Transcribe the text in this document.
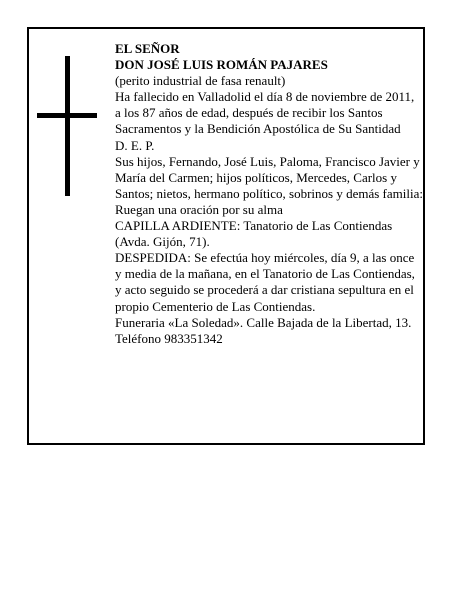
EL SEÑOR

DON JOSÉ LUIS ROMÁN PAJARES

(perito industrial de fasa renault)

Ha fallecido en Valladolid el día 8 de noviembre de 2011, a los 87 años de edad, después de recibir los Santos Sacramentos y la Bendición Apostólica de Su Santidad

D. E. P.

Sus hijos, Fernando, José Luis, Paloma, Francisco Javier y María del Carmen; hijos políticos, Mercedes, Carlos y Santos; nietos, hermano político, sobrinos y demás familia:

Ruegan una oración por su alma

CAPILLA ARDIENTE: Tanatorio de Las Contiendas (Avda. Gijón, 71).

DESPEDIDA: Se efectúa hoy miércoles, día 9, a las once y media de la mañana, en el Tanatorio de Las Contiendas, y acto seguido se procederá a dar cristiana sepultura en el propio Cementerio de Las Contiendas.

Funeraria «La Soledad». Calle Bajada de la Libertad, 13. Teléfono 983351342
